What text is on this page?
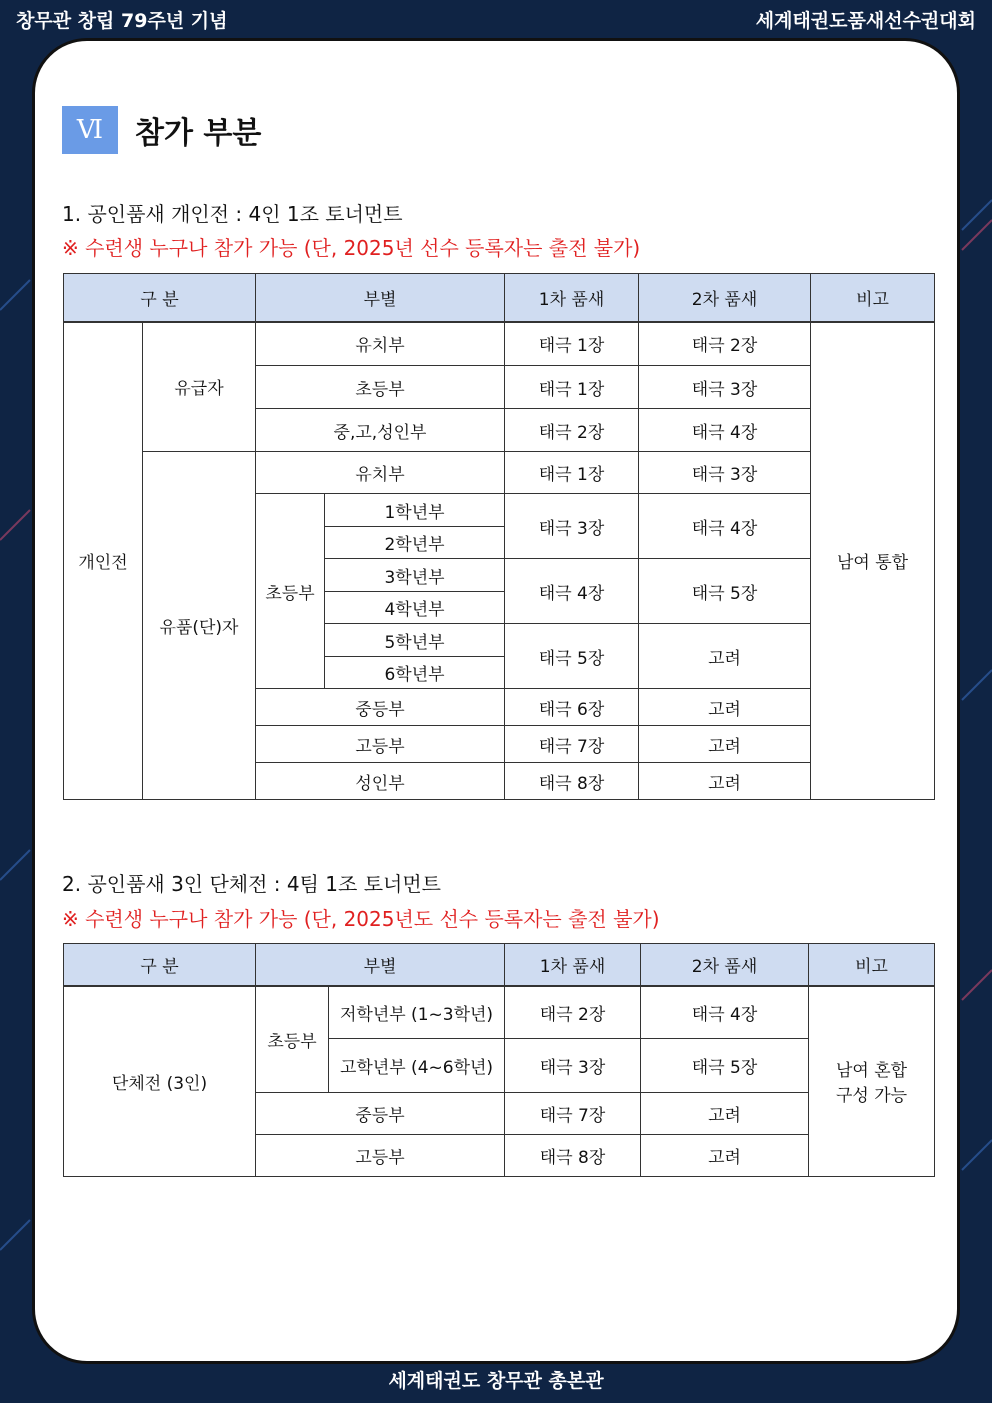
창무관 창립 79주년 기념	세계태권도품새선수권대회
Ⅵ	참가 부분
1. 공인품새 개인전 : 4인 1조 토너먼트
※ 수련생 누구나 참가 가능 (단, 2025년 선수 등록자는 출전 불가)
구 분		부별		1차 품새	2차 품새	비고
개인전	유급자	유치부		태극 1장	태극 2장	남여 통합
		초등부		태극 1장	태극 3장	
		중,고,성인부		태극 2장	태극 4장	
	유품(단)자	유치부		태극 1장	태극 3장	
		초등부	1학년부	태극 3장	태극 4장	
			2학년부			
			3학년부	태극 4장	태극 5장	
			4학년부			
			5학년부	태극 5장	고려	
			6학년부			
		중등부		태극 6장	고려	
		고등부		태극 7장	고려	
		성인부		태극 8장	고려	
2. 공인품새 3인 단체전 : 4팀 1조 토너먼트
※ 수련생 누구나 참가 가능 (단, 2025년도 선수 등록자는 출전 불가)
구 분	부별		1차 품새	2차 품새	비고
단체전 (3인)	초등부	저학년부 (1~3학년)	태극 2장	태극 4장	남여 혼합
구성 가능

		고학년부 (4~6학년)	태극 3장	태극 5장	
	중등부		태극 7장	고려	
	고등부		태극 8장	고려	
세계태권도 창무관 총본관
